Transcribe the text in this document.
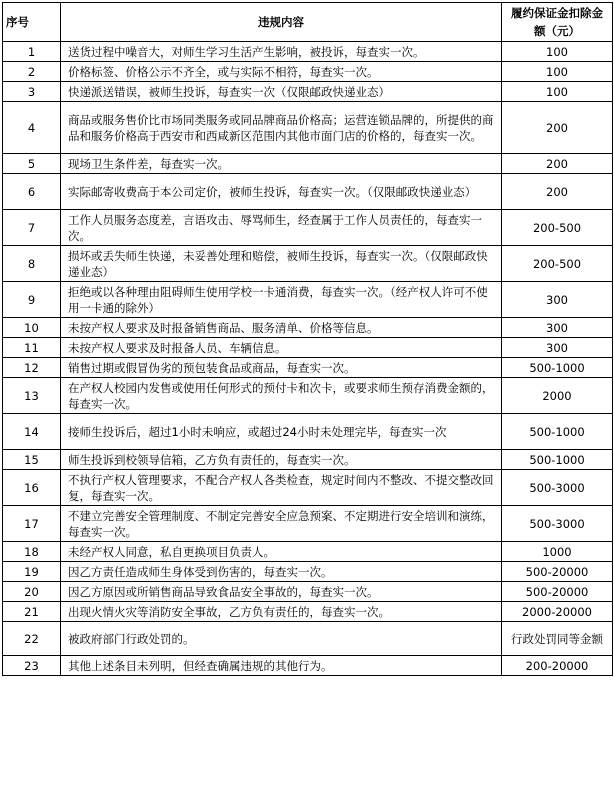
序号	违规内容	履约保证金扣除金额（元）
1	送货过程中噪音大，对师生学习生活产生影响，被投诉，每查实一次。	100
2	价格标签、价格公示不齐全，或与实际不相符，每查实一次。	100
3	快递派送错误，被师生投诉，每查实一次（仅限邮政快递业态）	100
4	商品或服务售价比市场同类服务或同品牌商品价格高；运营连锁品牌的，所提供的商品和服务价格高于西安市和西咸新区范围内其他市面门店的价格的，每查实一次。	200
5	现场卫生条件差，每查实一次。	200
6	实际邮寄收费高于本公司定价，被师生投诉，每查实一次。（仅限邮政快递业态）	200
7	工作人员服务态度差，言语攻击、辱骂师生，经查属于工作人员责任的，每查实一次。	200-500
8	损坏或丢失师生快递，未妥善处理和赔偿，被师生投诉，每查实一次。（仅限邮政快递业态）	200-500
9	拒绝或以各种理由阻碍师生使用学校一卡通消费，每查实一次。（经产权人许可不使用一卡通的除外）	300
10	未按产权人要求及时报备销售商品、服务清单、价格等信息。	300
11	未按产权人要求及时报备人员、车辆信息。	300
12	销售过期或假冒伪劣的预包装食品或商品，每查实一次。	500-1000
13	在产权人校园内发售或使用任何形式的预付卡和次卡，或要求师生预存消费金额的，每查实一次。	2000
14	接师生投诉后，超过1小时未响应，或超过24小时未处理完毕，每查实一次	500-1000
15	师生投诉到校领导信箱，乙方负有责任的，每查实一次。	500-1000
16	不执行产权人管理要求，不配合产权人各类检查，规定时间内不整改、不提交整改回复，每查实一次。	500-3000
17	不建立完善安全管理制度、不制定完善安全应急预案、不定期进行安全培训和演练，每查实一次。	500-3000
18	未经产权人同意，私自更换项目负责人。	1000
19	因乙方责任造成师生身体受到伤害的，每查实一次。	500-20000
20	因乙方原因或所销售商品导致食品安全事故的，每查实一次。	500-20000
21	出现火情火灾等消防安全事故，乙方负有责任的，每查实一次。	2000-20000
22	被政府部门行政处罚的。	行政处罚同等金额
23	其他上述条目未列明，但经查确属违规的其他行为。	200-20000
